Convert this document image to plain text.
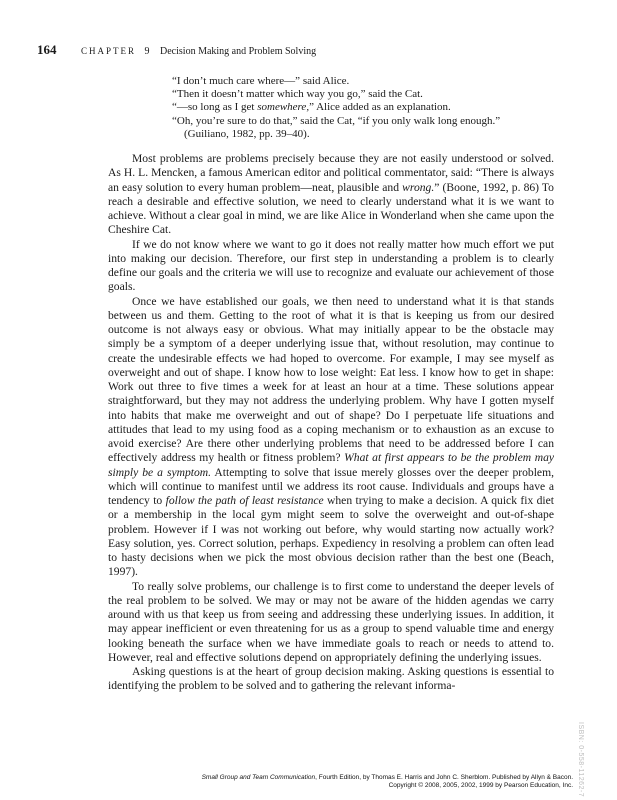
164	CHAPTER 9 Decision Making and Problem Solving

“I don’t much care where—” said Alice.

“Then it doesn’t matter which way you go,” said the Cat.

“—so long as I get somewhere,” Alice added as an explanation.

“Oh, you’re sure to do that,” said the Cat, “if you only walk long enough.”

(Guiliano, 1982, pp. 39–40).

Most problems are problems precisely because they are not easily understood or solved. As H. L. Mencken, a famous American editor and political commentator, said: “There is always an easy solution to every human problem—neat, plausible and wrong.” (Boone, 1992, p. 86) To reach a desirable and effective solution, we need to clearly understand what it is we want to achieve. Without a clear goal in mind, we are like Alice in Wonderland when she came upon the Cheshire Cat.

If we do not know where we want to go it does not really matter how much effort we put into making our decision. Therefore, our first step in understanding a problem is to clearly define our goals and the criteria we will use to recognize and evaluate our achievement of those goals.

Once we have established our goals, we then need to understand what it is that stands between us and them. Getting to the root of what it is that is keeping us from our desired outcome is not always easy or obvious. What may initially appear to be the obstacle may simply be a symptom of a deeper underlying issue that, without resolution, may continue to create the undesirable effects we had hoped to overcome. For example, I may see myself as overweight and out of shape. I know how to lose weight: Eat less. I know how to get in shape: Work out three to five times a week for at least an hour at a time. These solutions appear straightforward, but they may not address the underlying problem. Why have I gotten myself into habits that make me overweight and out of shape? Do I perpetuate life situations and attitudes that lead to my using food as a coping mechanism or to exhaustion as an excuse to avoid exercise? Are there other underlying problems that need to be addressed before I can effectively address my health or fitness problem? What at first appears to be the problem may simply be a symptom. Attempting to solve that issue merely glosses over the deeper problem, which will continue to manifest until we address its root cause. Individuals and groups have a tendency to follow the path of least resistance when trying to make a decision. A quick fix diet or a membership in the local gym might seem to solve the overweight and out-of-shape problem. However if I was not working out before, why would starting now actually work? Easy solution, yes. Correct solution, perhaps. Expediency in resolving a problem can often lead to hasty decisions when we pick the most obvious decision rather than the best one (Beach, 1997).

To really solve problems, our challenge is to first come to understand the deeper levels of the real problem to be solved. We may or may not be aware of the hidden agendas we carry around with us that keep us from seeing and addressing these underlying issues. In addition, it may appear inefficient or even threatening for us as a group to spend valuable time and energy looking beneath the surface when we have immediate goals to reach or needs to attend to. However, real and effective solutions depend on appropriately defining the underlying issues.

Asking questions is at the heart of group decision making. Asking questions is essential to identifying the problem to be solved and to gathering the relevant informa-

ISBN: 0-558-11262-7

Small Group and Team Communication, Fourth Edition, by Thomas E. Harris and John C. Sherblom. Published by Allyn & Bacon.

Copyright © 2008, 2005, 2002, 1999 by Pearson Education, Inc.
